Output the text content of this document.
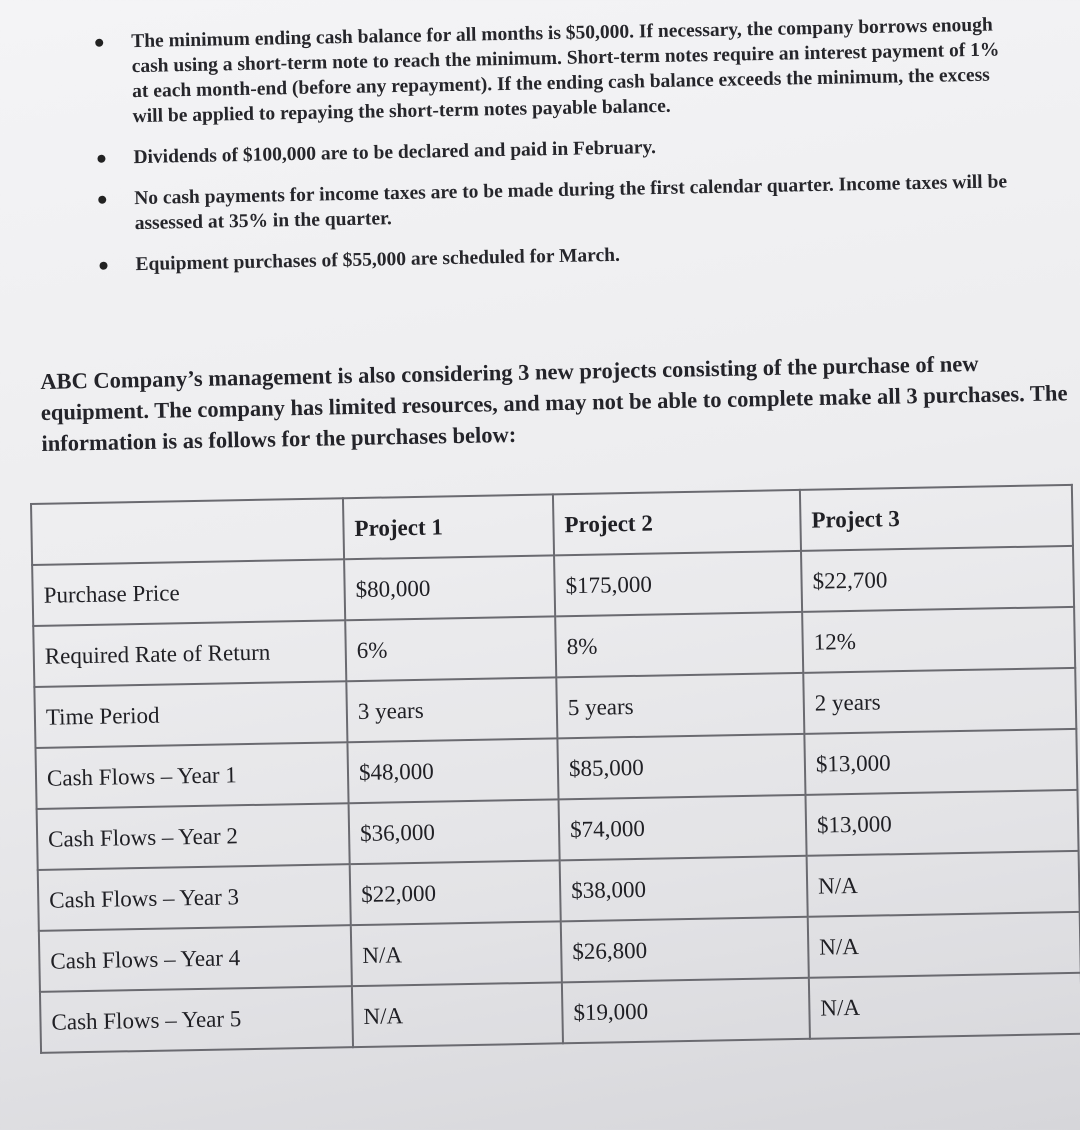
The minimum ending cash balance for all months is $50,000. If necessary, the company borrows enough cash using a short-term note to reach the minimum. Short-term notes require an interest payment of 1% at each month-end (before any repayment). If the ending cash balance exceeds the minimum, the excess will be applied to repaying the short-term notes payable balance.
Dividends of $100,000 are to be declared and paid in February.
No cash payments for income taxes are to be made during the first calendar quarter. Income taxes will be assessed at 35% in the quarter.
Equipment purchases of $55,000 are scheduled for March.
ABC Company’s management is also considering 3 new projects consisting of the purchase of new equipment. The company has limited resources, and may not be able to complete make all 3 purchases. The information is as follows for the purchases below:
	Project 1	Project 2	Project 3
Purchase Price	$80,000	$175,000	$22,700
Required Rate of Return	6%	8%	12%
Time Period	3 years	5 years	2 years
Cash Flows – Year 1	$48,000	$85,000	$13,000
Cash Flows – Year 2	$36,000	$74,000	$13,000
Cash Flows – Year 3	$22,000	$38,000	N/A
Cash Flows – Year 4	N/A	$26,800	N/A
Cash Flows – Year 5	N/A	$19,000	N/A
